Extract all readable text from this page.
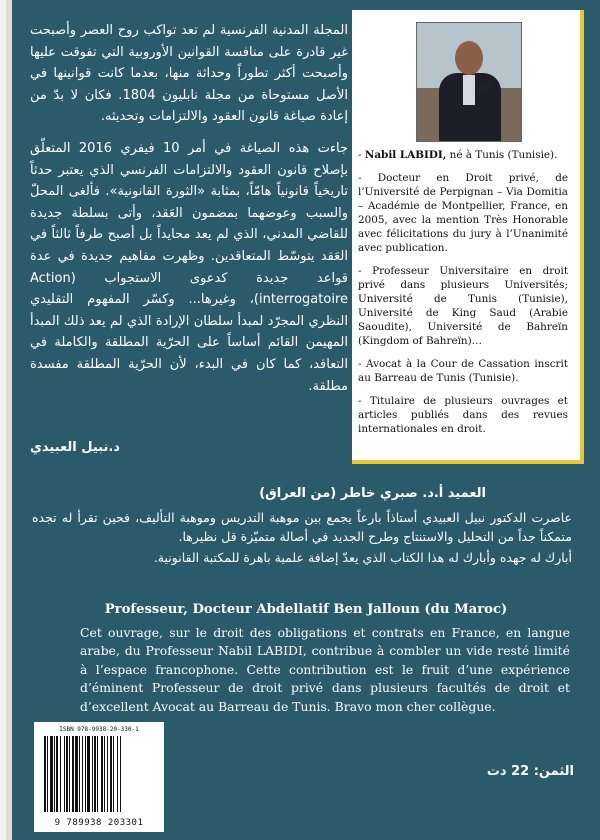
المجلة المدنية الفرنسية لم تعد تواكب روح العصر وأصبحت غير قادرة على منافسة القوانين الأوروبية التي تفوقت عليها وأصبحت أكثر تطوراً وحداثة منها، بعدما كانت قوانينها في الأصل مستوحاة من مجلة نابليون 1804. فكان لا بدّ من إعادة صياغة قانون العقود والالتزامات وتحديثه.

جاءت هذه الصياغة في أمر 10 فيفري 2016 المتعلّق بإصلاح قانون العقود والالتزامات الفرنسي الذي يعتبر حدثاً تاريخياً قانونياً هامّاً، بمثابة «الثورة القانونية». فألغى المحلّ والسبب وعوضهما بمضمون العَقد، وأتى بسلطة جديدة للقاضي المدني، الذي لم يعد محايداً بل أصبح طرفاً ثالثاً في العَقد يتوسّط المتعاقدين. وظهرت مفاهيم جديدة في عدة قواعد جديدة كدعوى الاستجواب (Action interrogatoire)، وغيرها... وكسّر المفهوم التقليدي النظري المجرّد لمبدأ سلطان الإرادة الذي لم يعد ذلك المبدأ المهيمن القائم أساساً على الحرّية المطلقة والكاملة في التعاقد، كما كان في البدء، لأن الحرّية المطلقة مفسدة مطلقة.

د.نبيل العبيدي

- Nabil LABIDI, né à Tunis (Tunisie).

- Docteur en Droit privé, de l’Université de Perpignan – Via Domitia – Académie de Montpellier, France, en 2005, avec la mention Très Honorable avec félicitations du jury à l’Unanimité avec publication.

- Professeur Universitaire en droit privé dans plusieurs Universités; Université de Tunis (Tunisie), Université de King Saud (Arabie Saoudite), Université de Bahreïn (Kingdom of Bahreïn)…

- Avocat à la Cour de Cassation inscrit au Barreau de Tunis (Tunisie).

- Titulaire de plusieurs ouvrages et articles publiés dans des revues internationales en droit.

العميد أ.د. صبري خاطر (من العراق)

عاصرت الدكتور نبيل العبيدي أستاذاً بارعاً يجمع بين موهبة التدريس وموهبة التأليف، فحين تقرأ له تجده متمكناً جداً من التحليل والاستنتاج وطرح الجديد في أصالة متميّزة قل نظيرها.

أبارك له جهده وأبارك له هذا الكتاب الذي يعدّ إضافة علمية باهرة للمكتبة القانونية.

Professeur, Docteur Abdellatif Ben Jalloun (du Maroc)
Cet ouvrage, sur le droit des obligations et contrats en France, en langue arabe, du Professeur Nabil LABIDI, contribue à combler un vide resté limité à l’espace francophone. Cette contribution est le fruit d’une expérience d’éminent Professeur de droit privé dans plusieurs facultés de droit et d’excellent Avocat au Barreau de Tunis. Bravo mon cher collègue.
ISBN 978-9938-20-330-1
9 789938 203301
الثمن: 22 دت
